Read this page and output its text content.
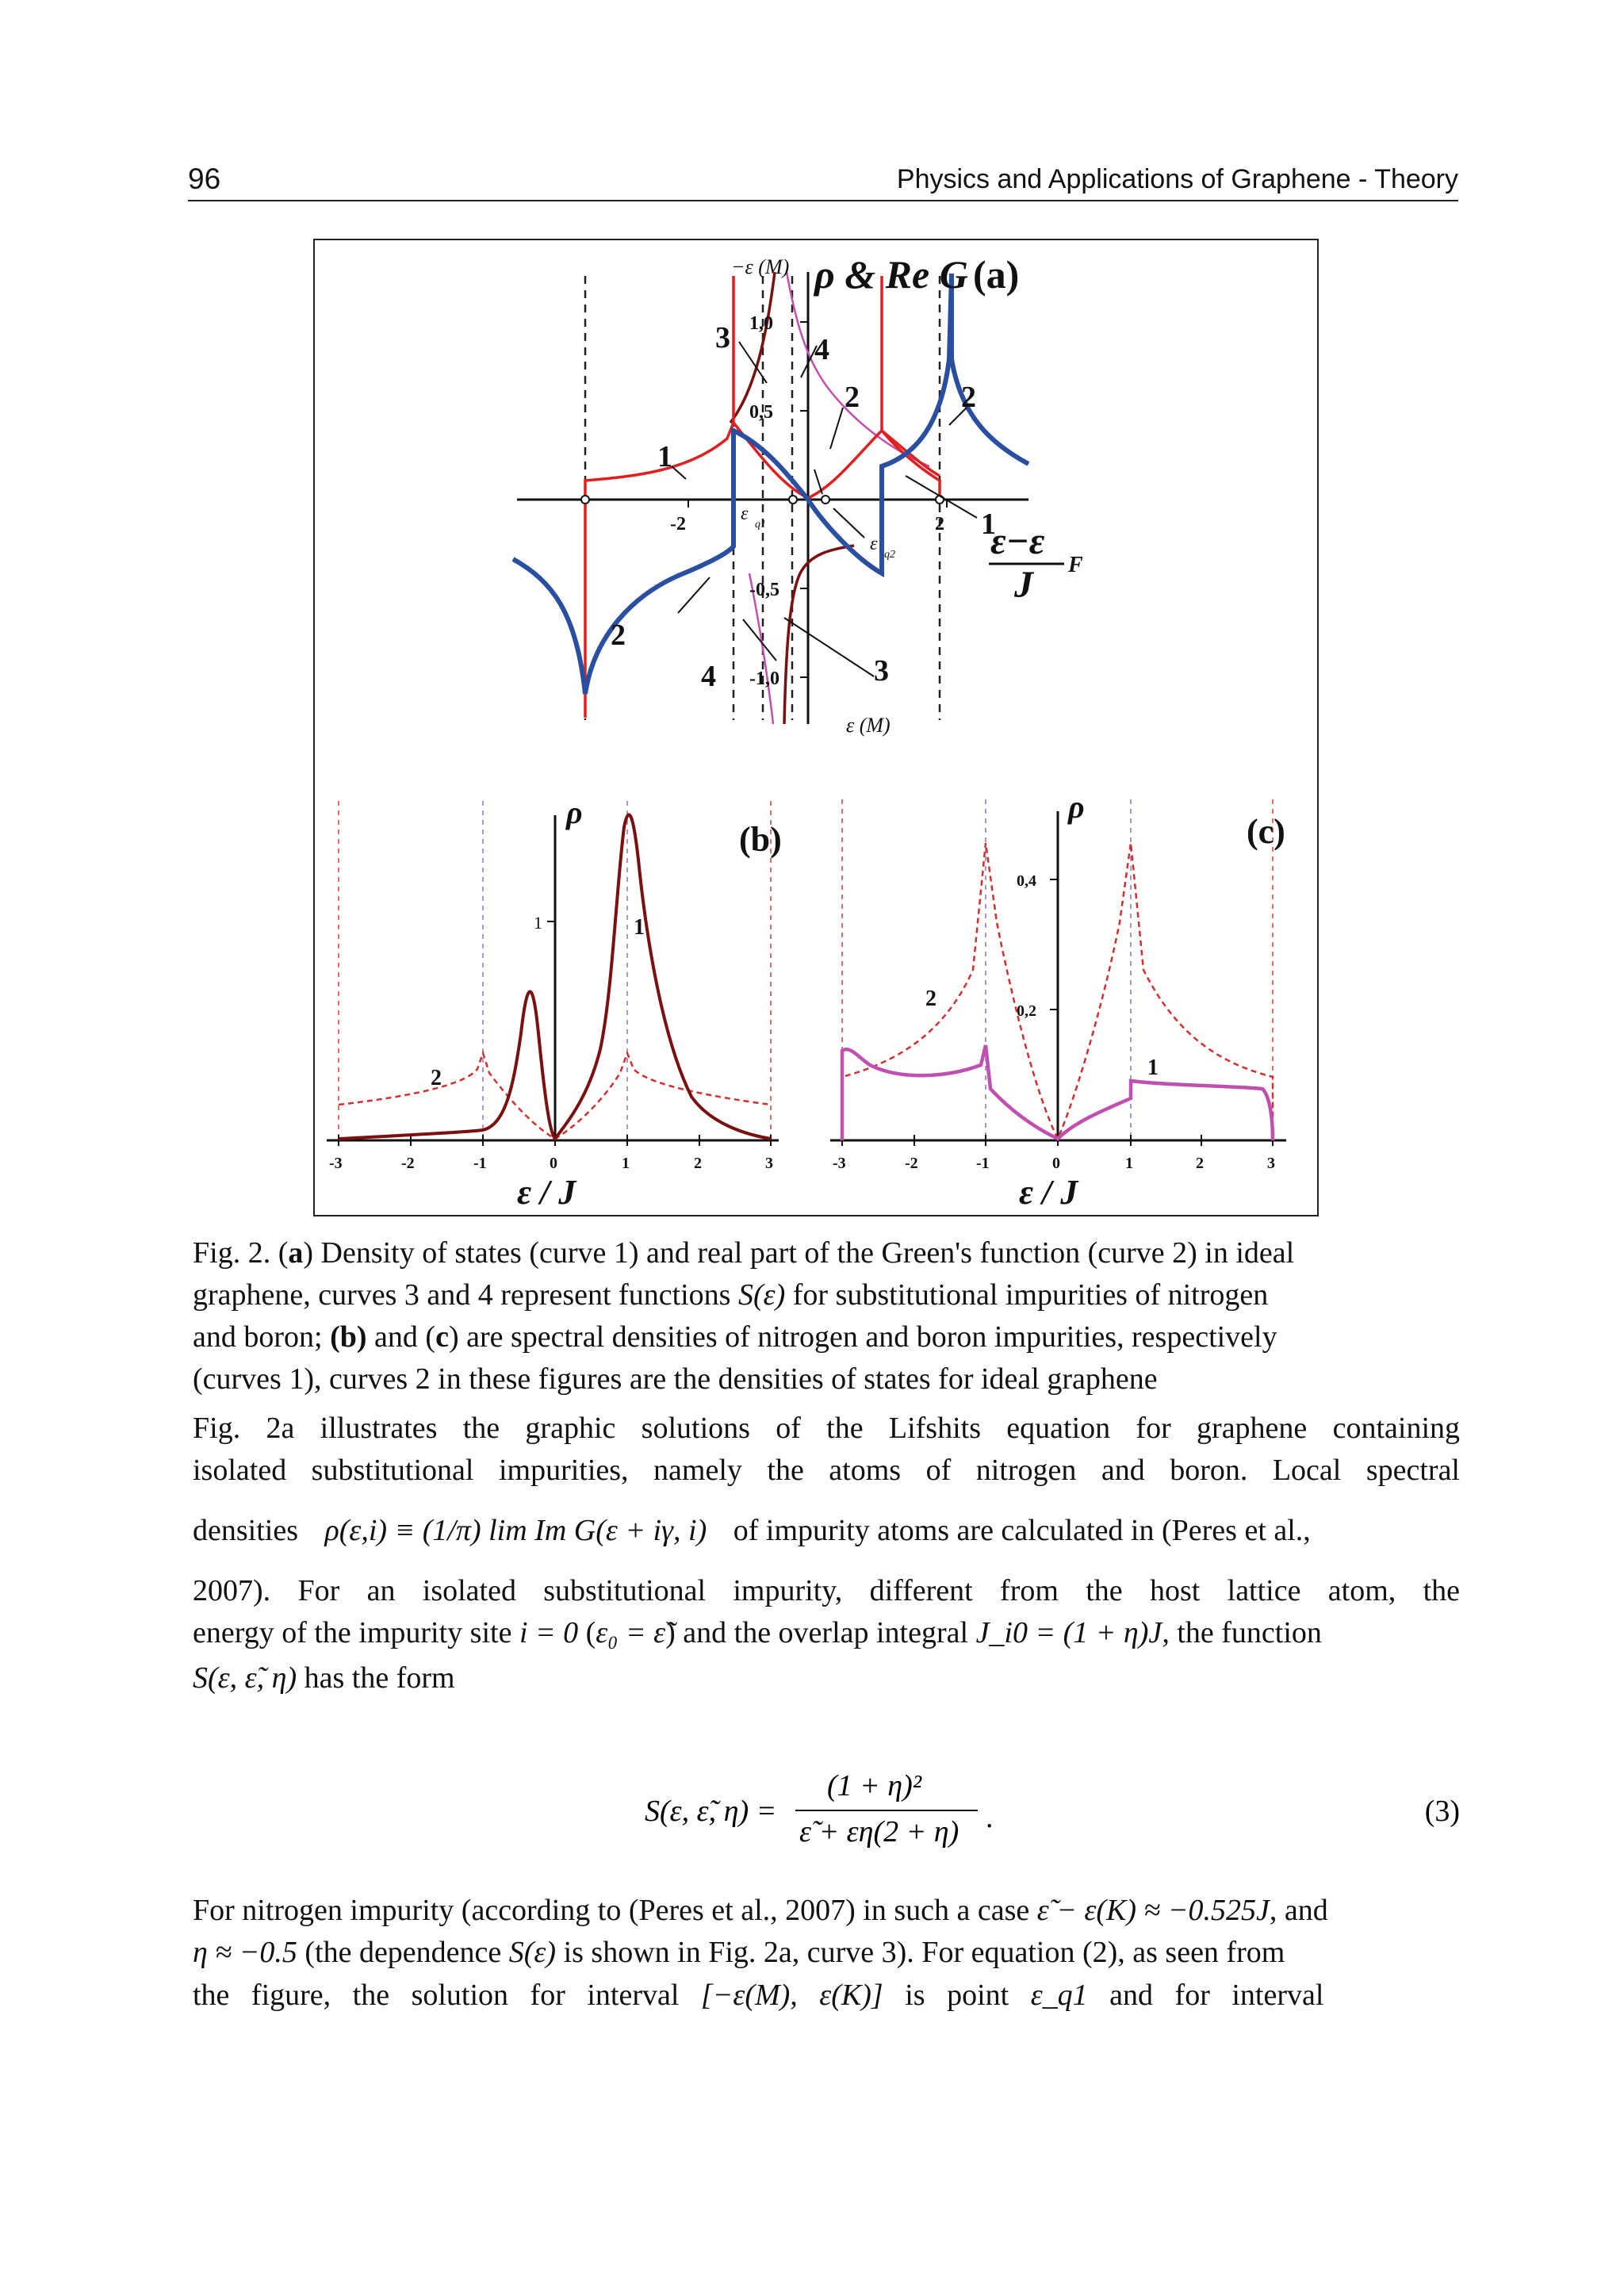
96	Physics and Applications of Graphene - Theory
−ε (M) ρ & Re G (a)
1,0
0,5
-0,5
-1,0
-2	2
ε
q1
ε
q2
ε (M)
ε−ε
F
J
1
1
2	2
2
3
3
4
4
ρ
(b)
1	1
2
-3	-2	-1	0	1	2	3
ε / J
ρ
(c)
0,4
0,2
1
2
-3	-2	-1	0	1	2	3
ε / J
Fig. 2. (a) Density of states (curve 1) and real part of the Green's function (curve 2) in ideal
graphene, curves 3 and 4 represent functions S(ε) for substitutional impurities of nitrogen
and boron; (b) and (c) are spectral densities of nitrogen and boron impurities, respectively
(curves 1), curves 2 in these figures are the densities of states for ideal graphene

Fig. 2a illustrates the graphic solutions of the Lifshits equation for graphene containing

isolated substitutional impurities, namely the atoms of nitrogen and boron. Local spectral

densities ρ(ε,i) ≡ (1/π) lim Im G(ε + iγ, i) of impurity atoms are calculated in (Peres et al.,

2007). For an isolated substitutional impurity, different from the host lattice atom, the

energy of the impurity site i = 0 (ε₀ = ε̃) and the overlap integral J_i0 = (1 + η)J, the function
S(ε, ε̃, η) has the form
S(ε, ε̃, η) =
(1 + η)²
ε̃ + εη(2 + η) .	(3)
For nitrogen impurity (according to (Peres et al., 2007) in such a case ε̃ − ε(K) ≈ −0.525J, and
η ≈ −0.5 (the dependence S(ε) is shown in Fig. 2a, curve 3). For equation (2), as seen from
the figure, the solution for interval [−ε(M), ε(K)] is point ε_q1 and for interval
